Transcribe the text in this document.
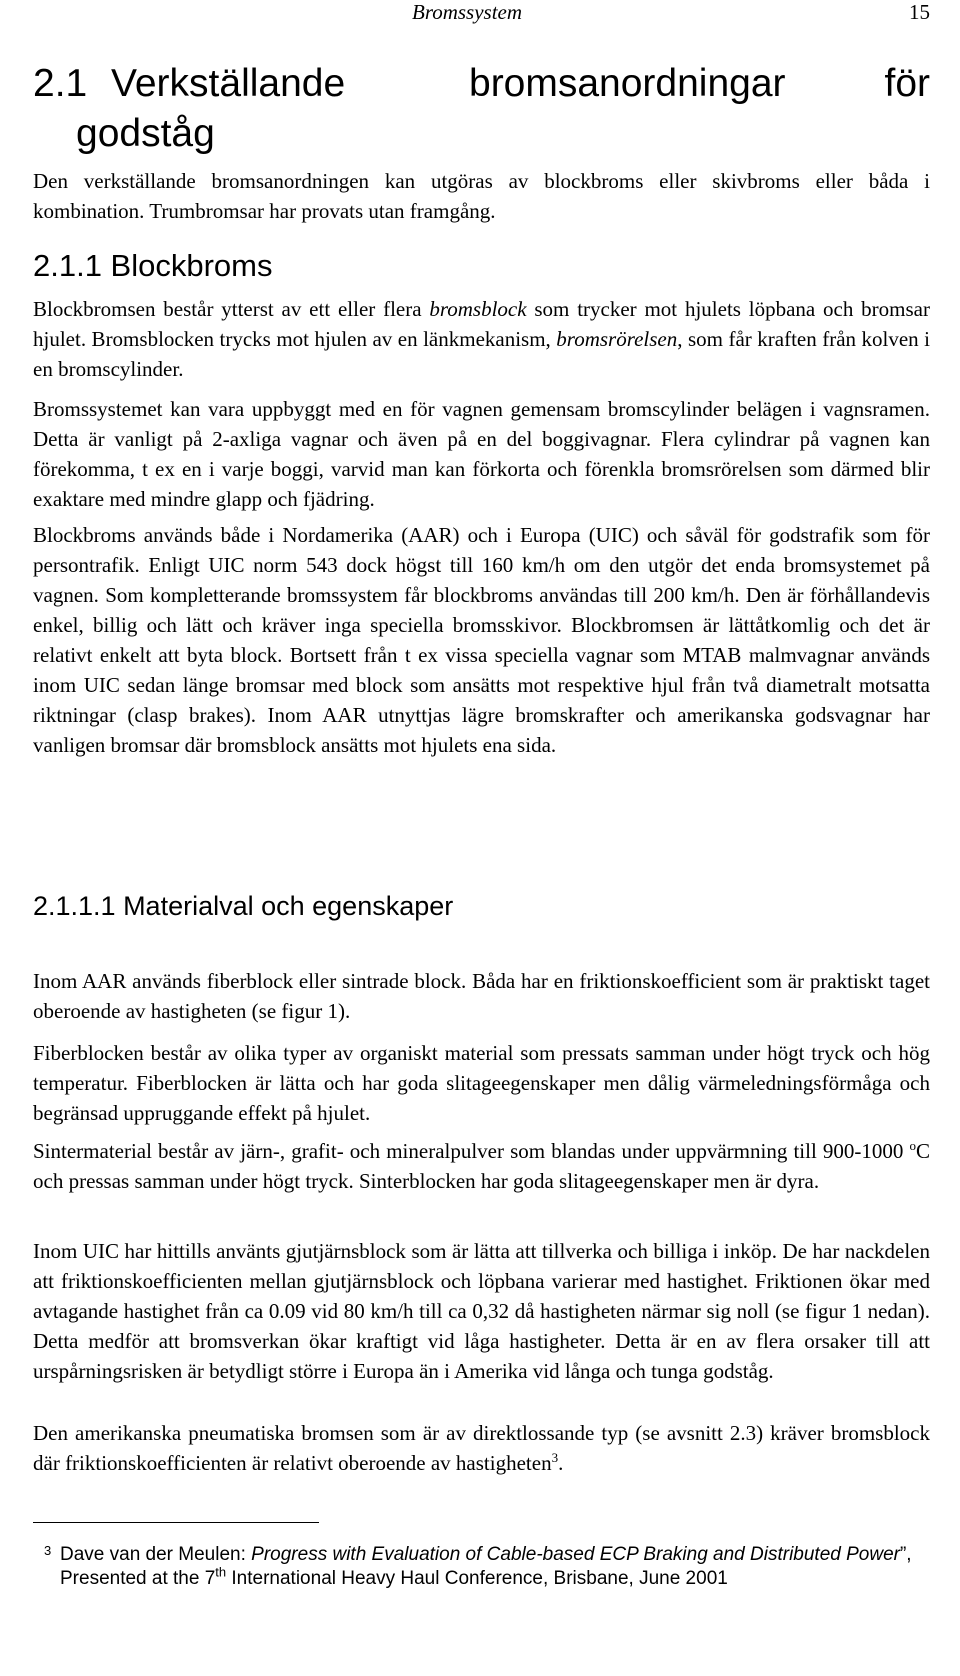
Bromssystem	15
2.1 Verkställande	bromsanordningar	för
godståg

Den verkställande bromsanordningen kan utgöras av blockbroms eller skivbroms eller båda i kombination. Trumbromsar har provats utan framgång.

2.1.1 Blockbroms

Blockbromsen består ytterst av ett eller flera bromsblock som trycker mot hjulets löpbana och bromsar hjulet. Bromsblocken trycks mot hjulen av en länkmekanism, bromsrörelsen, som får kraften från kolven i en bromscylinder.

Bromssystemet kan vara uppbyggt med en för vagnen gemensam bromscylinder belägen i vagnsramen. Detta är vanligt på 2-axliga vagnar och även på en del boggivagnar. Flera cylindrar på vagnen kan förekomma, t ex en i varje boggi, varvid man kan förkorta och förenkla bromsrörelsen som därmed blir exaktare med mindre glapp och fjädring.

Blockbroms används både i Nordamerika (AAR) och i Europa (UIC) och såväl för godstrafik som för persontrafik. Enligt UIC norm 543 dock högst till 160 km/h om den utgör det enda bromsystemet på vagnen. Som kompletterande bromssystem får blockbroms användas till 200 km/h. Den är förhållandevis enkel, billig och lätt och kräver inga speciella bromsskivor. Blockbromsen är lättåtkomlig och det är relativt enkelt att byta block. Bortsett från t ex vissa speciella vagnar som MTAB malmvagnar används inom UIC sedan länge bromsar med block som ansätts mot respektive hjul från två diametralt motsatta riktningar (clasp brakes). Inom AAR utnyttjas lägre bromskrafter och amerikanska godsvagnar har vanligen bromsar där bromsblock ansätts mot hjulets ena sida.

2.1.1.1 Materialval och egenskaper

Inom AAR används fiberblock eller sintrade block. Båda har en friktionskoefficient som är praktiskt taget oberoende av hastigheten (se figur 1).

Fiberblocken består av olika typer av organiskt material som pressats samman under högt tryck och hög temperatur. Fiberblocken är lätta och har goda slitageegenskaper men dålig värmeledningsförmåga och begränsad uppruggande effekt på hjulet.

Sintermaterial består av järn-, grafit- och mineralpulver som blandas under uppvärmning till 900-1000 $^o$C och pressas samman under högt tryck. Sinterblocken har goda slitageegenskaper men är dyra.

Inom UIC har hittills använts gjutjärnsblock som är lätta att tillverka och billiga i inköp. De har nackdelen att friktionskoefficienten mellan gjutjärnsblock och löpbana varierar med hastighet. Friktionen ökar med avtagande hastighet från ca 0.09 vid 80 km/h till ca 0,32 då hastigheten närmar sig noll (se figur 1 nedan). Detta medför att bromsverkan ökar kraftigt vid låga hastigheter. Detta är en av flera orsaker till att urspårningsrisken är betydligt större i Europa än i Amerika vid långa och tunga godståg.

Den amerikanska pneumatiska bromsen som är av direktlossande typ (se avsnitt 2.3) kräver bromsblock där friktionskoefficienten är relativt oberoende av hastigheten$^3$.

3 Dave van der Meulen: Progress with Evaluation of Cable-based ECP Braking and Distributed Power”, Presented at the 7th International Heavy Haul Conference, Brisbane, June 2001
